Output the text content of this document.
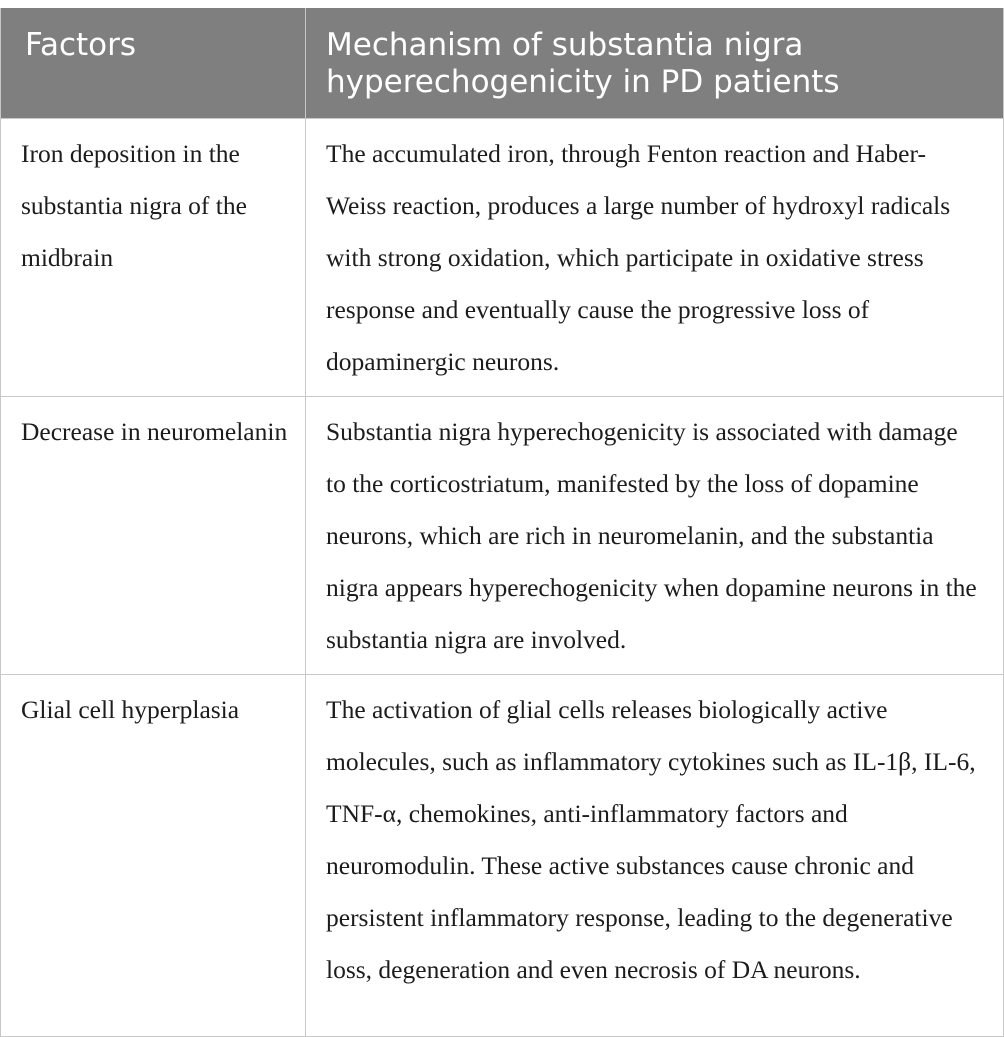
Factors	Mechanism of substantia nigra hyperechogenicity in PD patients
Iron deposition in the substantia nigra of the midbrain	The accumulated iron, through Fenton reaction and Haber-Weiss reaction, produces a large number of hydroxyl radicals with strong oxidation, which participate in oxidative stress response and eventually cause the progressive loss of dopaminergic neurons.
Decrease in neuromelanin	Substantia nigra hyperechogenicity is associated with damage to the corticostriatum, manifested by the loss of dopamine neurons, which are rich in neuromelanin, and the substantia nigra appears hyperechogenicity when dopamine neurons in the substantia nigra are involved.
Glial cell hyperplasia	The activation of glial cells releases biologically active molecules, such as inflammatory cytokines such as IL-1β, IL-6, TNF-α, chemokines, anti-inflammatory factors and neuromodulin. These active substances cause chronic and persistent inflammatory response, leading to the degenerative loss, degeneration and even necrosis of DA neurons.
